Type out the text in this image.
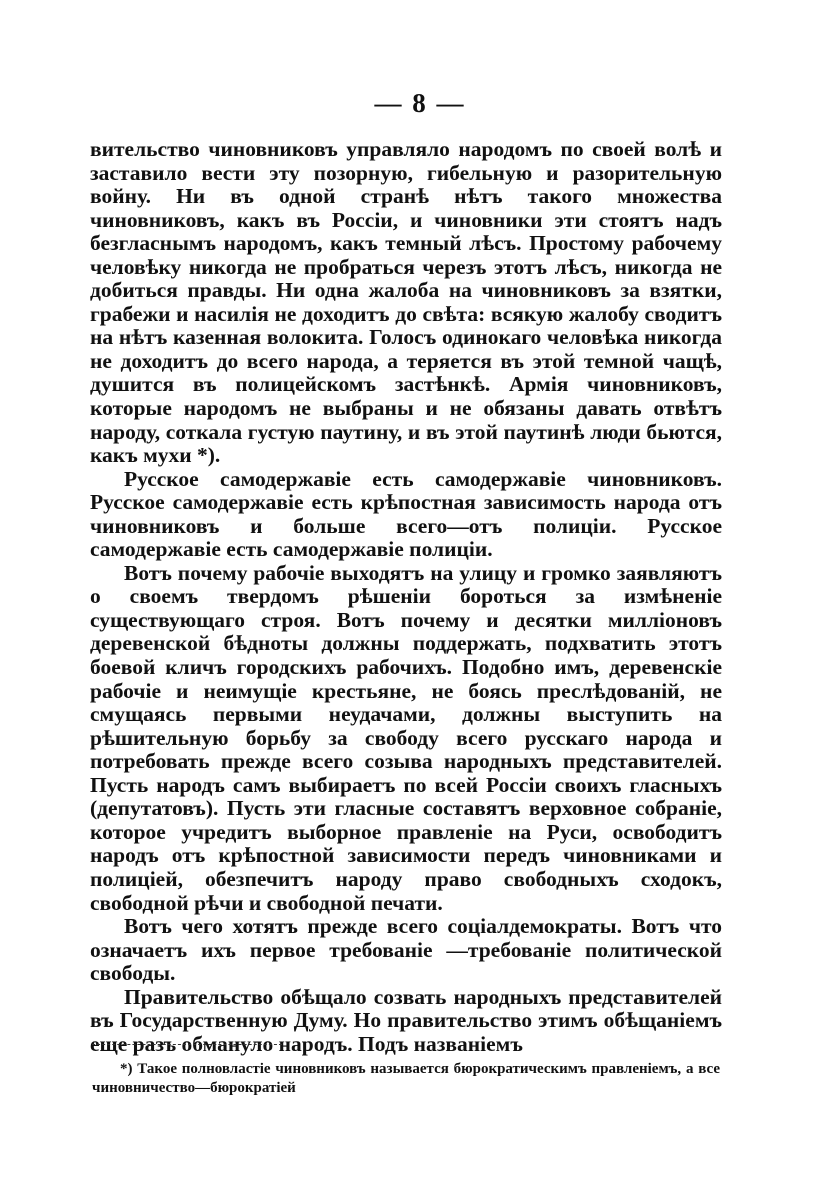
— 8 —

вительство чиновниковъ управляло народомъ по своей волѣ и заставило вести эту позорную, гибельную и разорительную войну. Ни въ одной странѣ нѣтъ такого множества чиновниковъ, какъ въ Россіи, и чиновники эти стоятъ надъ безгласнымъ народомъ, какъ темный лѣсъ. Простому рабочему человѣку никогда не пробраться черезъ этотъ лѣсъ, никогда не добиться правды. Ни одна жалоба на чиновниковъ за взятки, грабежи и насилія не доходитъ до свѣта: всякую жалобу сводитъ на нѣтъ казенная волокита. Голосъ одинокаго человѣка никогда не доходитъ до всего народа, а теряется въ этой темной чащѣ, душится въ полицейскомъ застѣнкѣ. Армія чиновниковъ, которые народомъ не выбраны и не обязаны давать отвѣтъ народу, соткала густую паутину, и въ этой паутинѣ люди бьются, какъ мухи *).

Русское самодержавіе есть самодержавіе чиновниковъ. Русское самодержавіе есть крѣпостная зависимость народа отъ чиновниковъ и больше всего—отъ полиціи. Русское самодержавіе есть самодержавіе полиціи.

Вотъ почему рабочіе выходятъ на улицу и громко заявляютъ о своемъ твердомъ рѣшеніи бороться за измѣненіе существующаго строя. Вотъ почему и десятки милліоновъ деревенской бѣдноты должны поддержать, подхватить этотъ боевой кличъ городскихъ рабочихъ. Подобно имъ, деревенскіе рабочіе и неимущіе крестьяне, не боясь преслѣдованій, не смущаясь первыми неудачами, должны выступить на рѣшительную борьбу за свободу всего русскаго народа и потребовать прежде всего созыва народныхъ представителей. Пусть народъ самъ выбираетъ по всей Россіи своихъ гласныхъ (депутатовъ). Пусть эти гласные составятъ верховное собраніе, которое учредитъ выборное правленіе на Руси, освободитъ народъ отъ крѣпостной зависимости передъ чиновниками и полиціей, обезпечитъ народу право свободныхъ сходокъ, свободной рѣчи и свободной печати.

Вотъ чего хотятъ прежде всего соціалдемократы. Вотъ что означаетъ ихъ первое требованіе —требованіе политической свободы.

Правительство обѣщало созвать народныхъ представителей въ Государственную Думу. Но правительство этимъ обѣщаніемъ еще разъ обмануло народъ. Подъ названіемъ

*) Такое полновластіе чиновниковъ называется бюрократическимъ правленіемъ, а все чиновничество—бюрократіей
